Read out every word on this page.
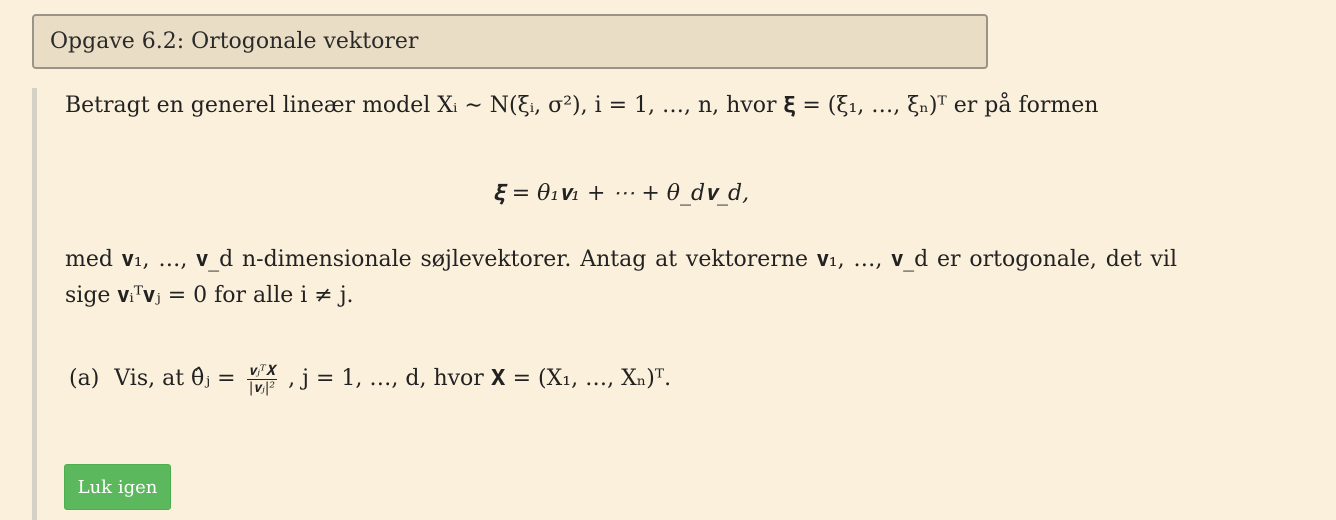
Opgave 6.2: Ortogonale vektorer
Betragt en generel lineær model Xᵢ ∼ N(ξᵢ, σ²), i = 1, …, n, hvor 𝛏 = (ξ₁, …, ξₙ)ᵀ er på formen
𝛏 = θ₁𝐯₁ + ⋯ + θ_d𝐯_d,
med 𝐯₁, …, 𝐯_d n-dimensionale søjlevektorer. Antag at vektorerne 𝐯₁, …, 𝐯_d er ortogonale, det vil sige 𝐯ᵢᵀ𝐯ⱼ = 0 for alle i ≠ j.
(a) Vis, at θ̂ⱼ = $\frac{\text{𝐯ⱼᵀ𝐗}}{\text{|𝐯ⱼ|²}}$ , j = 1, …, d, hvor 𝐗 = (X₁, …, Xₙ)ᵀ.
Luk igen
